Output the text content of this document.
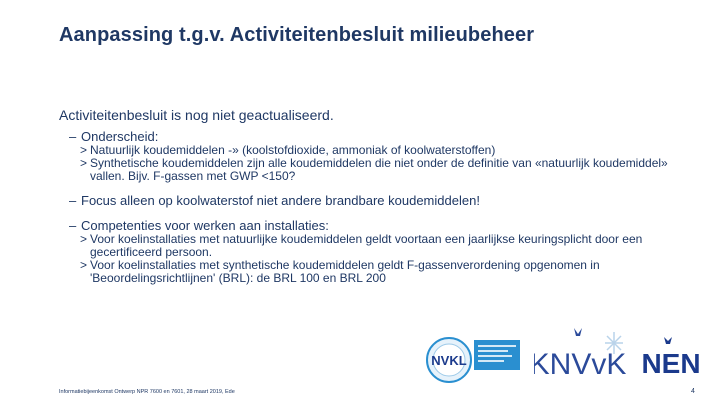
Aanpassing t.g.v. Activiteitenbesluit milieubeheer

Activiteitenbesluit is nog niet geactualiseerd.

– Onderscheid:

> Natuurlijk koudemiddelen -» (koolstofdioxide, ammoniak of koolwaterstoffen)

> Synthetische koudemiddelen zijn alle koudemiddelen die niet onder de definitie van «natuurlijk koudemiddel» vallen. Bijv. F-gassen met GWP <150?

– Focus alleen op koolwaterstof niet andere brandbare koudemiddelen!

– Competenties voor werken aan installaties:

> Voor koelinstallaties met natuurlijke koudemiddelen geldt voortaan een jaarlijkse keuringsplicht door een gecertificeerd persoon.

> Voor koelinstallaties met synthetische koudemiddelen geldt F-gassenverordening opgenomen in 'Beoordelingsrichtlijnen' (BRL): de BRL 100 en BRL 200

NVKL KNVvK NEN
Informatiebijeenkomst Ontwerp NPR 7600 en 7601, 28 maart 2019, Ede	4
